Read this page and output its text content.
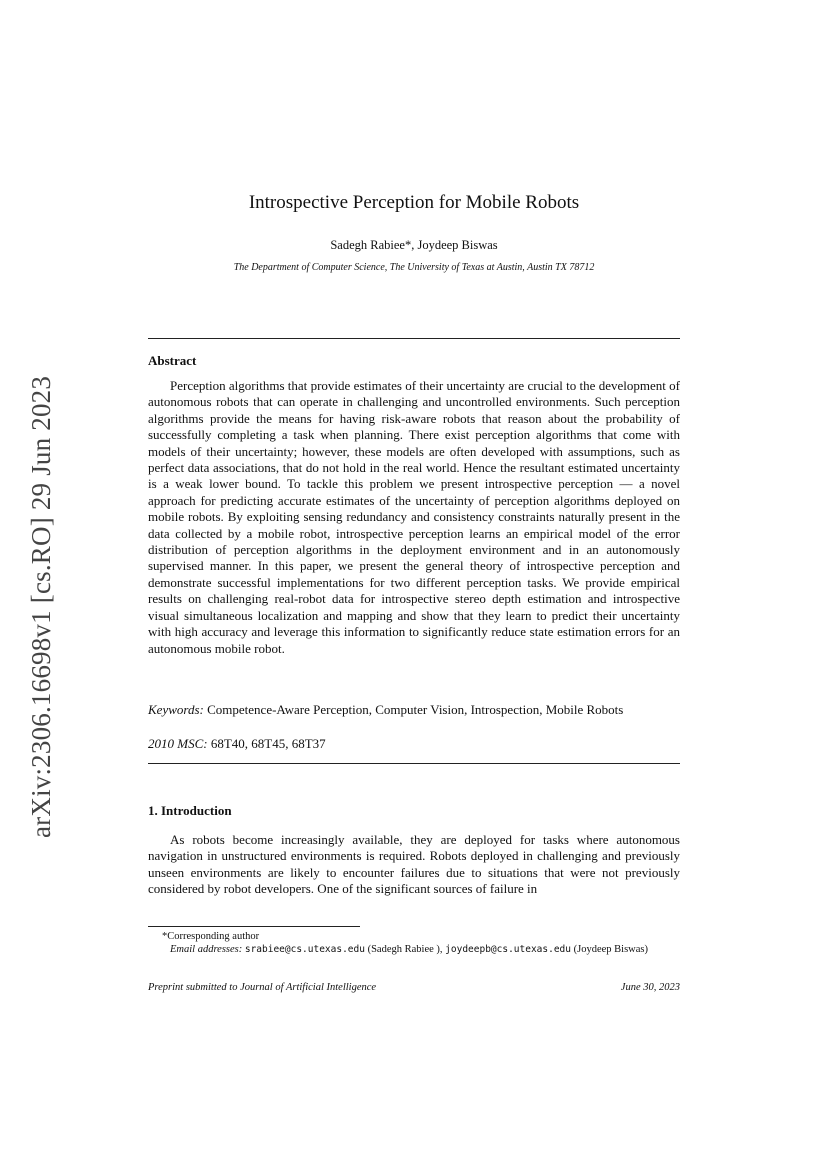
arXiv:2306.16698v1 [cs.RO] 29 Jun 2023
Introspective Perception for Mobile Robots
Sadegh Rabiee*, Joydeep Biswas
The Department of Computer Science, The University of Texas at Austin, Austin TX 78712
Abstract
Perception algorithms that provide estimates of their uncertainty are crucial to the development of autonomous robots that can operate in challenging and uncontrolled environments. Such perception algorithms provide the means for having risk-aware robots that reason about the probability of successfully completing a task when planning. There exist perception algorithms that come with models of their uncertainty; however, these models are often developed with assumptions, such as perfect data associations, that do not hold in the real world. Hence the resultant estimated uncertainty is a weak lower bound. To tackle this problem we present introspective perception — a novel approach for predicting accurate estimates of the uncertainty of perception algorithms deployed on mobile robots. By exploiting sensing redundancy and consistency constraints naturally present in the data collected by a mobile robot, introspective perception learns an empirical model of the error distribution of perception algorithms in the deployment environment and in an autonomously supervised manner. In this paper, we present the general theory of introspective perception and demonstrate successful implementations for two different perception tasks. We provide empirical results on challenging real-robot data for introspective stereo depth estimation and introspective visual simultaneous localization and mapping and show that they learn to predict their uncertainty with high accuracy and leverage this information to significantly reduce state estimation errors for an autonomous mobile robot.
Keywords: Competence-Aware Perception, Computer Vision, Introspection, Mobile Robots
2010 MSC: 68T40, 68T45, 68T37
1. Introduction
As robots become increasingly available, they are deployed for tasks where autonomous navigation in unstructured environments is required. Robots deployed in challenging and previously unseen environments are likely to encounter failures due to situations that were not previously considered by robot developers. One of the significant sources of failure in
*Corresponding author
Email addresses: srabiee@cs.utexas.edu (Sadegh Rabiee ), joydeepb@cs.utexas.edu (Joydeep Biswas)
Preprint submitted to Journal of Artificial Intelligence	June 30, 2023
